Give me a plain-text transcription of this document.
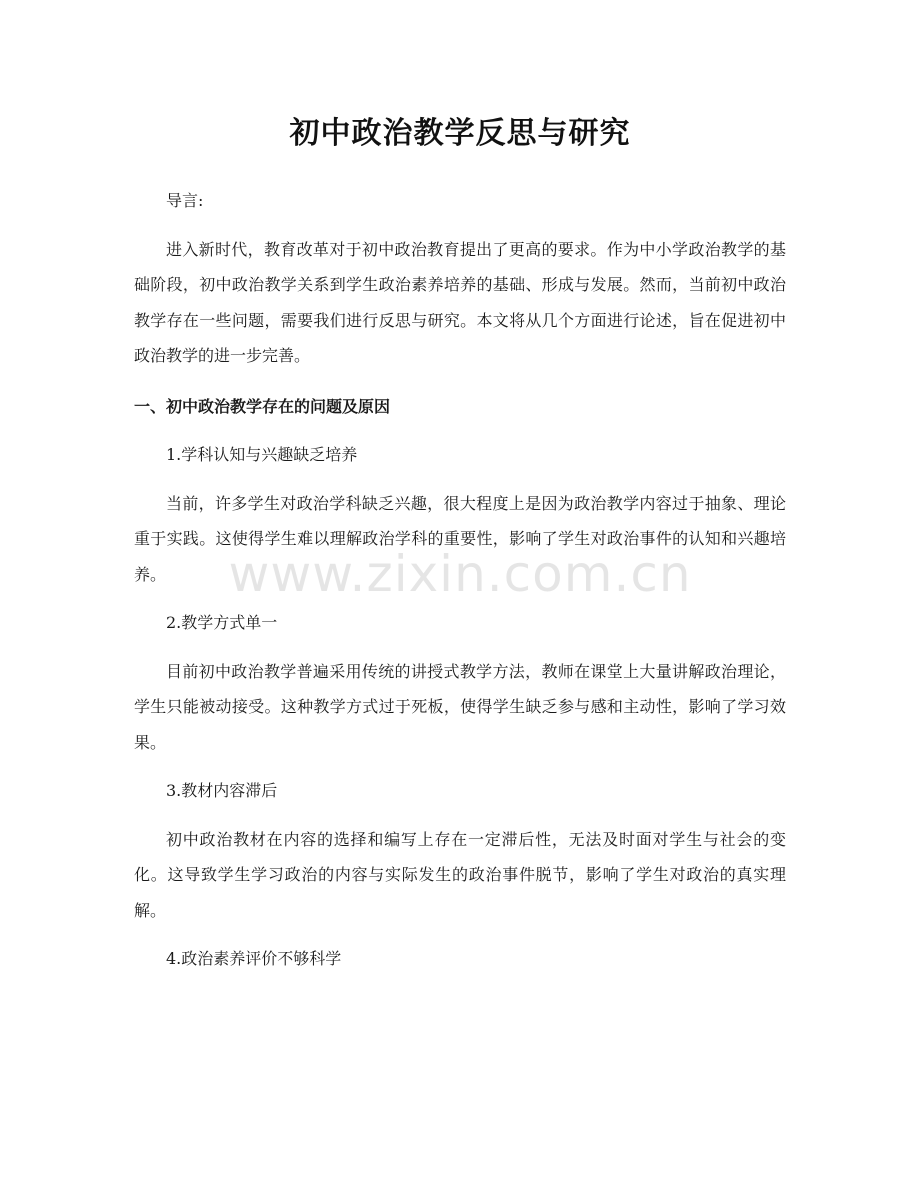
初中政治教学反思与研究

导言:

进入新时代，教育改革对于初中政治教育提出了更高的要求。作为中小学政治教学的基础阶段，初中政治教学关系到学生政治素养培养的基础、形成与发展。然而，当前初中政治教学存在一些问题，需要我们进行反思与研究。本文将从几个方面进行论述，旨在促进初中政治教学的进一步完善。

一、初中政治教学存在的问题及原因

1.学科认知与兴趣缺乏培养

当前，许多学生对政治学科缺乏兴趣，很大程度上是因为政治教学内容过于抽象、理论重于实践。这使得学生难以理解政治学科的重要性，影响了学生对政治事件的认知和兴趣培养。

2.教学方式单一

目前初中政治教学普遍采用传统的讲授式教学方法，教师在课堂上大量讲解政治理论，学生只能被动接受。这种教学方式过于死板，使得学生缺乏参与感和主动性，影响了学习效果。

3.教材内容滞后

初中政治教材在内容的选择和编写上存在一定滞后性，无法及时面对学生与社会的变化。这导致学生学习政治的内容与实际发生的政治事件脱节，影响了学生对政治的真实理解。

4.政治素养评价不够科学

www.zixin.com.cn
